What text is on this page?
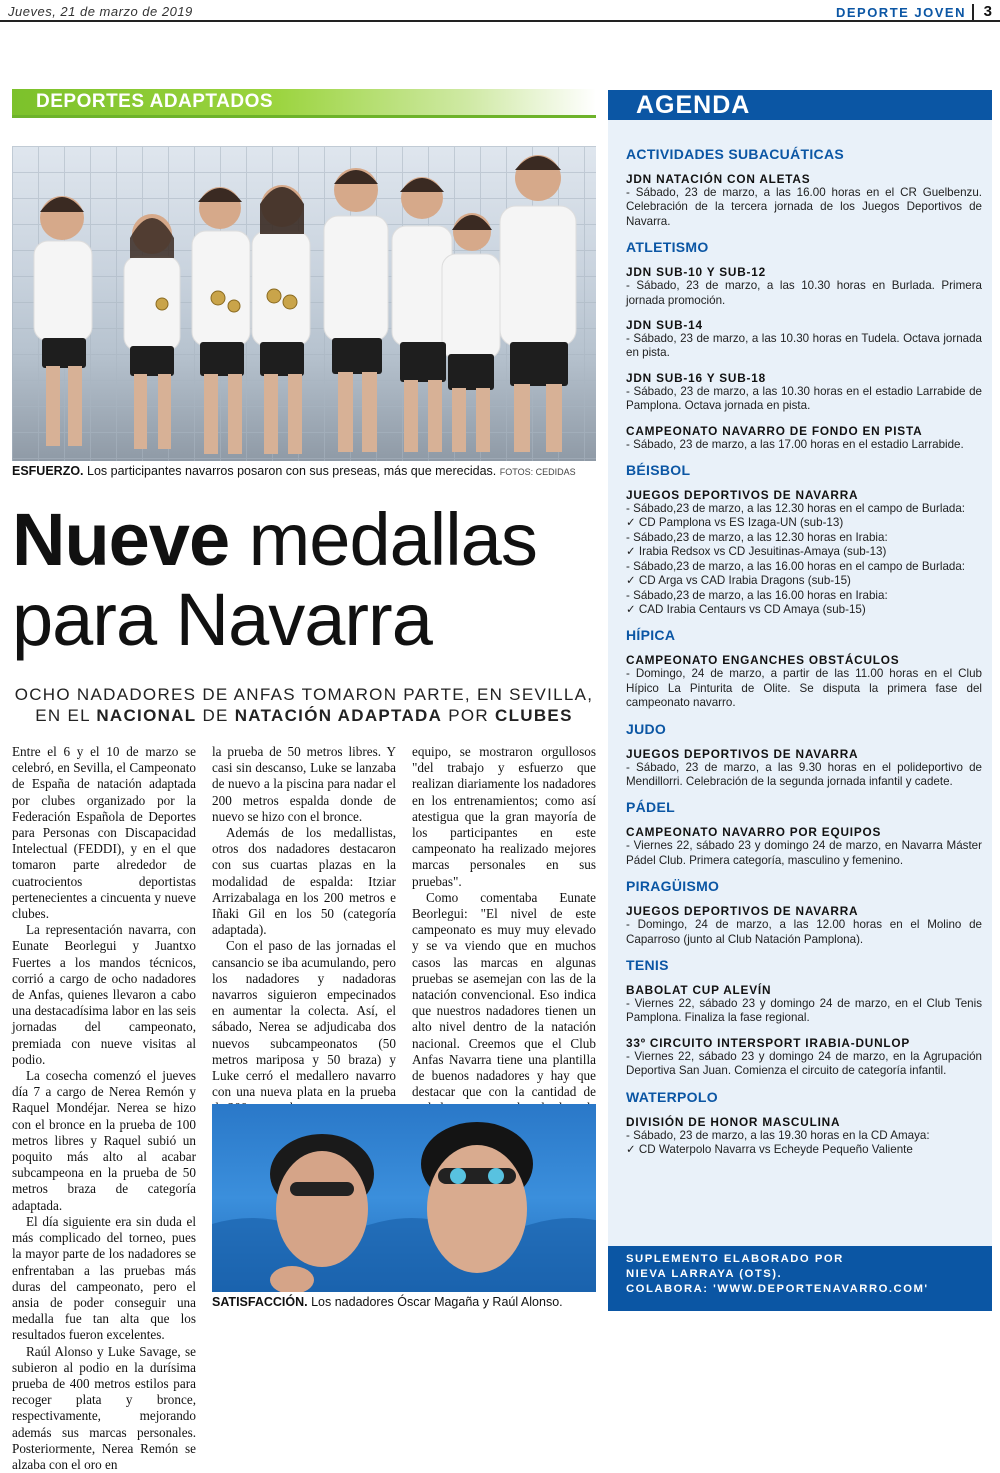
Jueves, 21 de marzo de 2019	DEPORTE JOVEN 3
DEPORTES ADAPTADOS
ESFUERZO. Los participantes navarros posaron con sus preseas, más que merecidas. FOTOS: CEDIDAS
Nueve medallas
para Navarra
OCHO NADADORES DE ANFAS TOMARON PARTE, EN SEVILLA,
EN EL NACIONAL DE NATACIÓN ADAPTADA POR CLUBES

Entre el 6 y el 10 de marzo se celebró, en Sevilla, el Campeonato de España de natación adaptada por clubes organizado por la Federación Española de Deportes para Personas con Discapacidad Intelectual (FEDDI), y en el que tomaron parte alrededor de cuatrocientos deportistas pertenecientes a cincuenta y nueve clubes.

La representación navarra, con Eunate Beorlegui y Juantxo Fuertes a los mandos técnicos, corrió a cargo de ocho nadadores de Anfas, quienes llevaron a cabo una destacadísima labor en las seis jornadas del campeonato, premiada con nueve visitas al podio.

La cosecha comenzó el jueves día 7 a cargo de Nerea Remón y Raquel Mondéjar. Nerea se hizo con el bronce en la prueba de 100 metros libres y Raquel subió un poquito más alto al acabar subcampeona en la prueba de 50 metros braza de categoría adaptada.

El día siguiente era sin duda el más complicado del torneo, pues la mayor parte de los nadadores se enfrentaban a las pruebas más duras del campeonato, pero el ansia de poder conseguir una medalla fue tan alta que los resultados fueron excelentes.

Raúl Alonso y Luke Savage, se subieron al podio en la durísima prueba de 400 metros estilos para recoger plata y bronce, respectivamente, mejorando además sus marcas personales. Posteriormente, Nerea Remón se alzaba con el oro en

la prueba de 50 metros libres. Y casi sin descanso, Luke se lanzaba de nuevo a la piscina para nadar el 200 metros espalda donde de nuevo se hizo con el bronce.

Además de los medallistas, otros dos nadadores destacaron con sus cuartas plazas en la modalidad de espalda: Itziar Arrizabalaga en los 200 metros e Iñaki Gil en los 50 (categoría adaptada).

Con el paso de las jornadas el cansancio se iba acumulando, pero los nadadores y nadadoras navarros siguieron empecinados en aumentar la colecta. Así, el sábado, Nerea se adjudicaba dos nuevos subcampeonatos (50 metros mariposa y 50 braza) y Luke cerró el medallero navarro con una nueva plata en la prueba

equipo, se mostraron orgullosos "del trabajo y esfuerzo que realizan diariamente los nadadores en los entrenamientos; como así atestigua que la gran mayoría de los participantes en este campeonato ha realizado mejores marcas personales en sus pruebas".

Como comentaba Eunate Beorlegui: "El nivel de este campeonato es muy muy elevado y se va viendo que en muchos casos las marcas en algunas pruebas se asemejan con las de la natación convencional. Eso indica que nuestros nadadores tienen un alto nivel dentro de la natación nacional. Creemos que el Club Anfas Navarra tiene una plantilla de buenos nadadores y hay que destacar que con la cantidad de

SATISFACCIÓN. Los nadadores Óscar Magaña y Raúl Alonso.
AGENDA
ACTIVIDADES SUBACUÁTICAS
JDN NATACIÓN CON ALETAS
- Sábado, 23 de marzo, a las 16.00 horas en el CR Guelbenzu. Celebración de la tercera jornada de los Juegos Deportivos de Navarra.
ATLETISMO
JDN SUB-10 Y SUB-12
- Sábado, 23 de marzo, a las 10.30 horas en Burlada. Primera jornada promoción.
JDN SUB-14
- Sábado, 23 de marzo, a las 10.30 horas en Tudela. Octava jornada en pista.
JDN SUB-16 Y SUB-18
- Sábado, 23 de marzo, a las 10.30 horas en el estadio Larrabide de Pamplona. Octava jornada en pista.
CAMPEONATO NAVARRO DE FONDO EN PISTA
- Sábado, 23 de marzo, a las 17.00 horas en el estadio Larrabide.
BÉISBOL
JUEGOS DEPORTIVOS DE NAVARRA
- Sábado,23 de marzo, a las 12.30 horas en el campo de Burlada:
✓ CD Pamplona vs ES Izaga-UN (sub-13)
- Sábado,23 de marzo, a las 12.30 horas en Irabia:
✓ Irabia Redsox vs CD Jesuitinas-Amaya (sub-13)
- Sábado,23 de marzo, a las 16.00 horas en el campo de Burlada:
✓ CD Arga vs CAD Irabia Dragons (sub-15)
- Sábado,23 de marzo, a las 16.00 horas en Irabia:
✓ CAD Irabia Centaurs vs CD Amaya (sub-15)
HÍPICA
CAMPEONATO ENGANCHES OBSTÁCULOS
- Domingo, 24 de marzo, a partir de las 11.00 horas en el Club Hípico La Pinturita de Olite. Se disputa la primera fase del campeonato navarro.
JUDO
JUEGOS DEPORTIVOS DE NAVARRA
- Sábado, 23 de marzo, a las 9.30 horas en el polideportivo de Mendillorri. Celebración de la segunda jornada infantil y cadete.
PÁDEL
CAMPEONATO NAVARRO POR EQUIPOS
- Viernes 22, sábado 23 y domingo 24 de marzo, en Navarra Máster Pádel Club. Primera categoría, masculino y femenino.
PIRAGÜISMO
JUEGOS DEPORTIVOS DE NAVARRA
- Domingo, 24 de marzo, a las 12.00 horas en el Molino de Caparroso (junto al Club Natación Pamplona).
TENIS
BABOLAT CUP ALEVÍN
- Viernes 22, sábado 23 y domingo 24 de marzo, en el Club Tenis Pamplona. Finaliza la fase regional.
33º CIRCUITO INTERSPORT IRABIA-DUNLOP
- Viernes 22, sábado 23 y domingo 24 de marzo, en la Agrupación Deportiva San Juan. Comienza el circuito de categoría infantil.
WATERPOLO
DIVISIÓN DE HONOR MASCULINA
- Sábado, 23 de marzo, a las 19.30 horas en la CD Amaya:
✓ CD Waterpolo Navarra vs Echeyde Pequeño Valiente
SUPLEMENTO ELABORADO POR
NIEVA LARRAYA (OTS).
COLABORA: 'WWW.DEPORTENAVARRO.COM'
